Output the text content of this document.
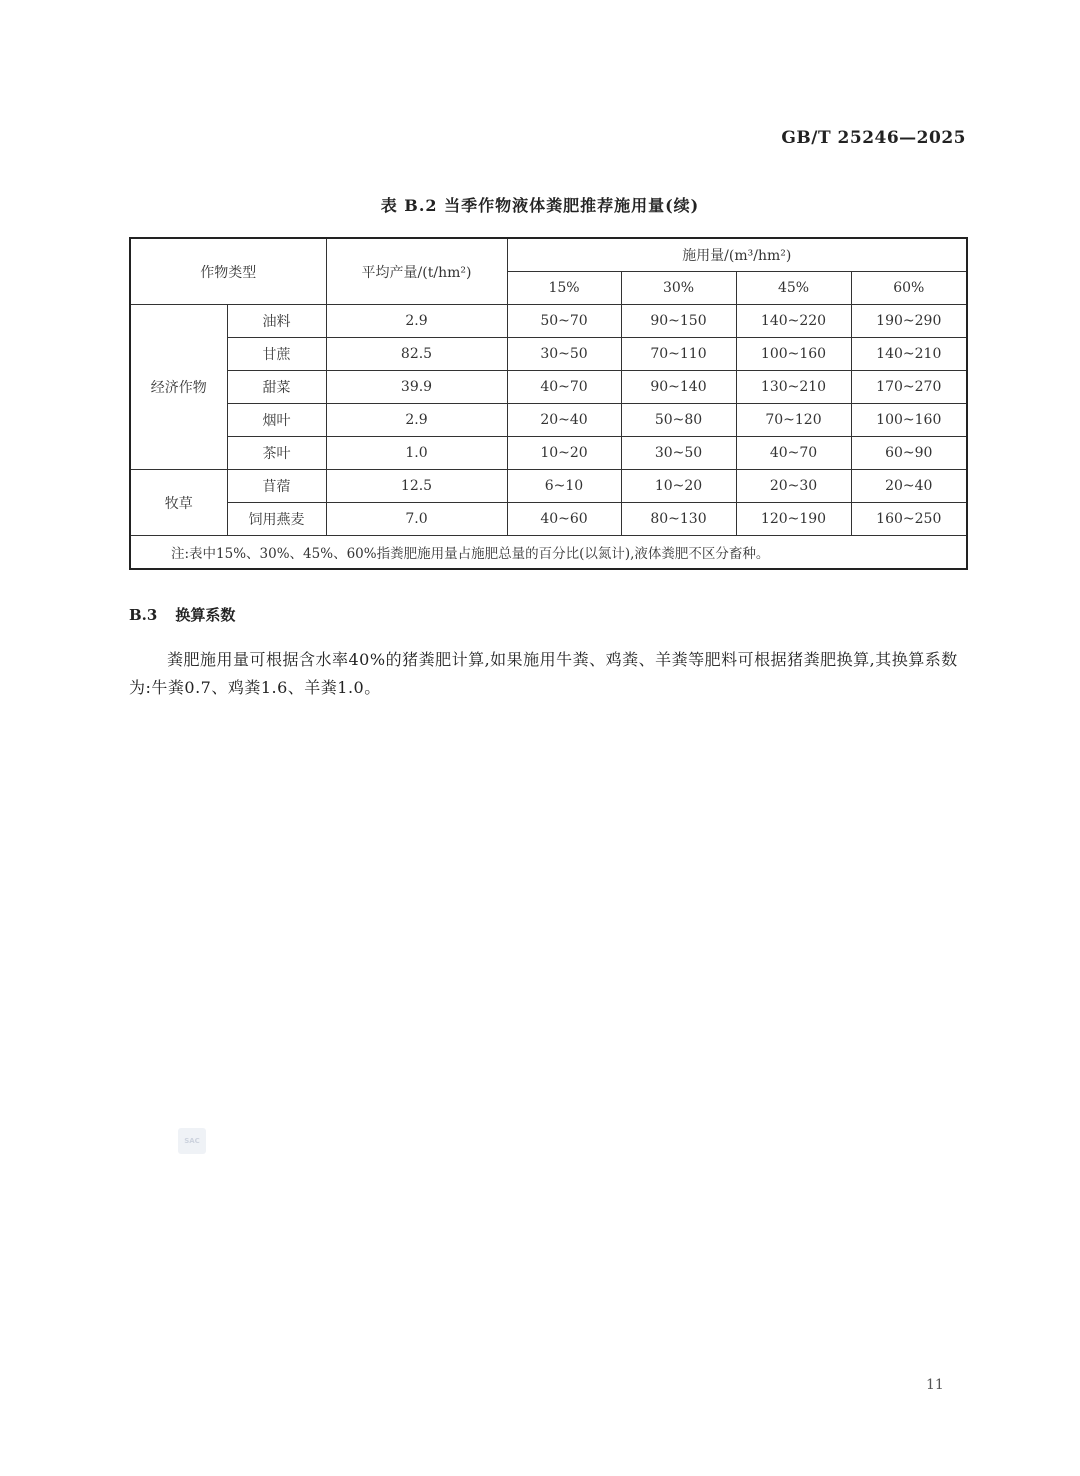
GB/T 25246—2025
表 B.2 当季作物液体粪肥推荐施用量(续)
作物类型		平均产量/(t/hm²)	施用量/(m³/hm²)			
			15%	30%	45%	60%
经济作物	油料	2.9	50~70	90~150	140~220	190~290
	甘蔗	82.5	30~50	70~110	100~160	140~210
	甜菜	39.9	40~70	90~140	130~210	170~270
	烟叶	2.9	20~40	50~80	70~120	100~160
	茶叶	1.0	10~20	30~50	40~70	60~90
牧草	苜蓿	12.5	6~10	10~20	20~30	20~40
	饲用燕麦	7.0	40~60	80~130	120~190	160~250
注:表中15%、30%、45%、60%指粪肥施用量占施肥总量的百分比(以氮计),液体粪肥不区分畜种。						
B.3 换算系数
粪肥施用量可根据含水率40%的猪粪肥计算,如果施用牛粪、鸡粪、羊粪等肥料可根据猪粪肥换算,其换算系数为:牛粪0.7、鸡粪1.6、羊粪1.0。
SAC
11
